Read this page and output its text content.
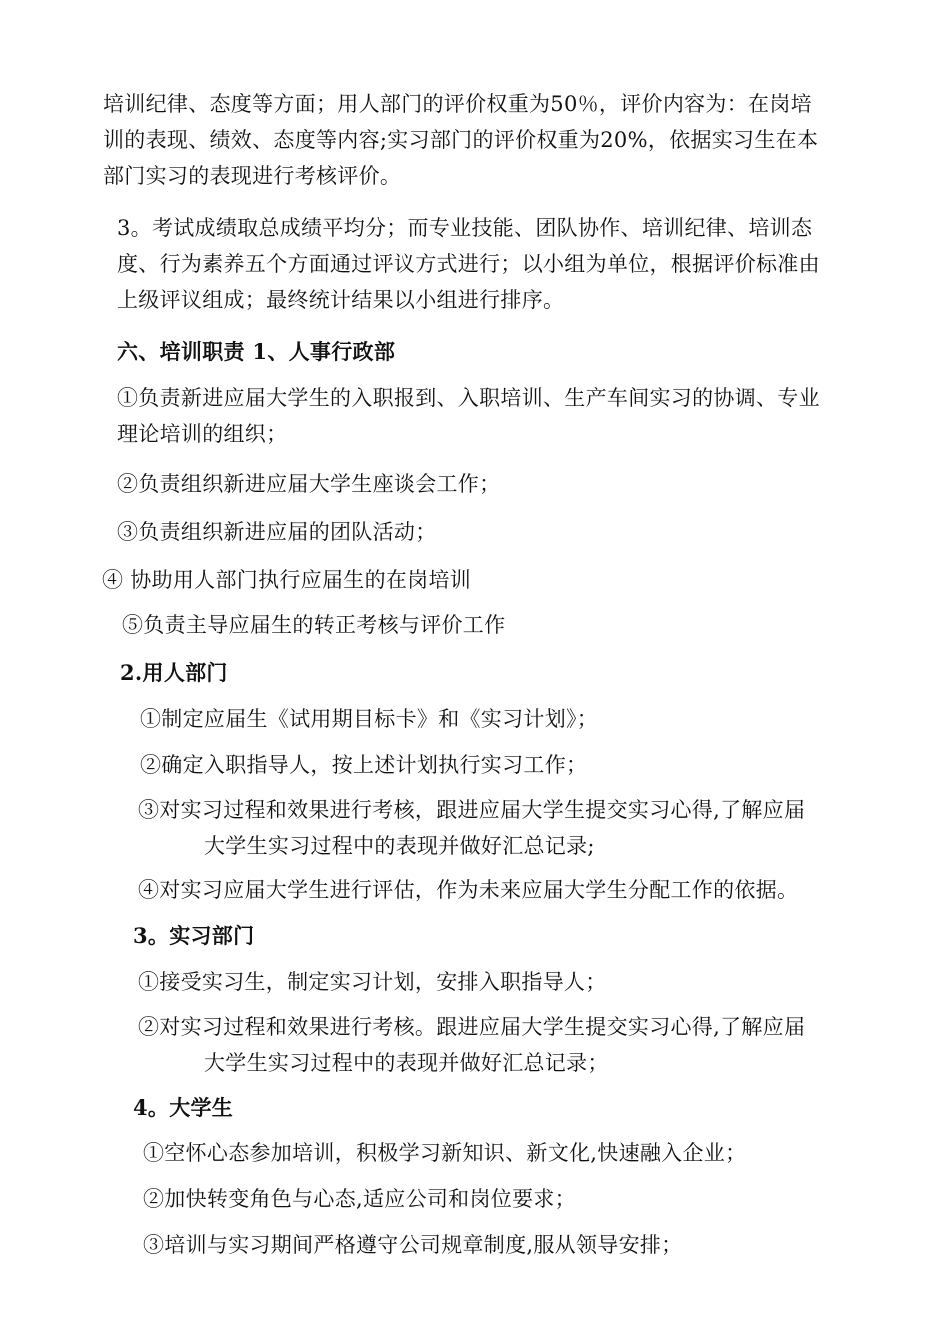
培训纪律、态度等方面；用人部门的评价权重为50％，评价内容为：在岗培
训的表现、绩效、态度等内容;实习部门的评价权重为20%，依据实习生在本
部门实习的表现进行考核评价。
3。考试成绩取总成绩平均分；而专业技能、团队协作、培训纪律、培训态
度、行为素养五个方面通过评议方式进行；以小组为单位，根据评价标准由
上级评议组成；最终统计结果以小组进行排序。
六、培训职责 1、人事行政部
①负责新进应届大学生的入职报到、入职培训、生产车间实习的协调、专业
理论培训的组织；
②负责组织新进应届大学生座谈会工作；
③负责组织新进应届的团队活动；
④ 协助用人部门执行应届生的在岗培训
⑤负责主导应届生的转正考核与评价工作
2.用人部门
①制定应届生《试用期目标卡》和《实习计划》；
②确定入职指导人，按上述计划执行实习工作；
③对实习过程和效果进行考核，跟进应届大学生提交实习心得,了解应届
大学生实习过程中的表现并做好汇总记录;
④对实习应届大学生进行评估，作为未来应届大学生分配工作的依据。
3。实习部门
①接受实习生，制定实习计划，安排入职指导人；
②对实习过程和效果进行考核。跟进应届大学生提交实习心得,了解应届
大学生实习过程中的表现并做好汇总记录；
4。大学生
①空怀心态参加培训，积极学习新知识、新文化,快速融入企业；
②加快转变角色与心态,适应公司和岗位要求；
③培训与实习期间严格遵守公司规章制度,服从领导安排；
